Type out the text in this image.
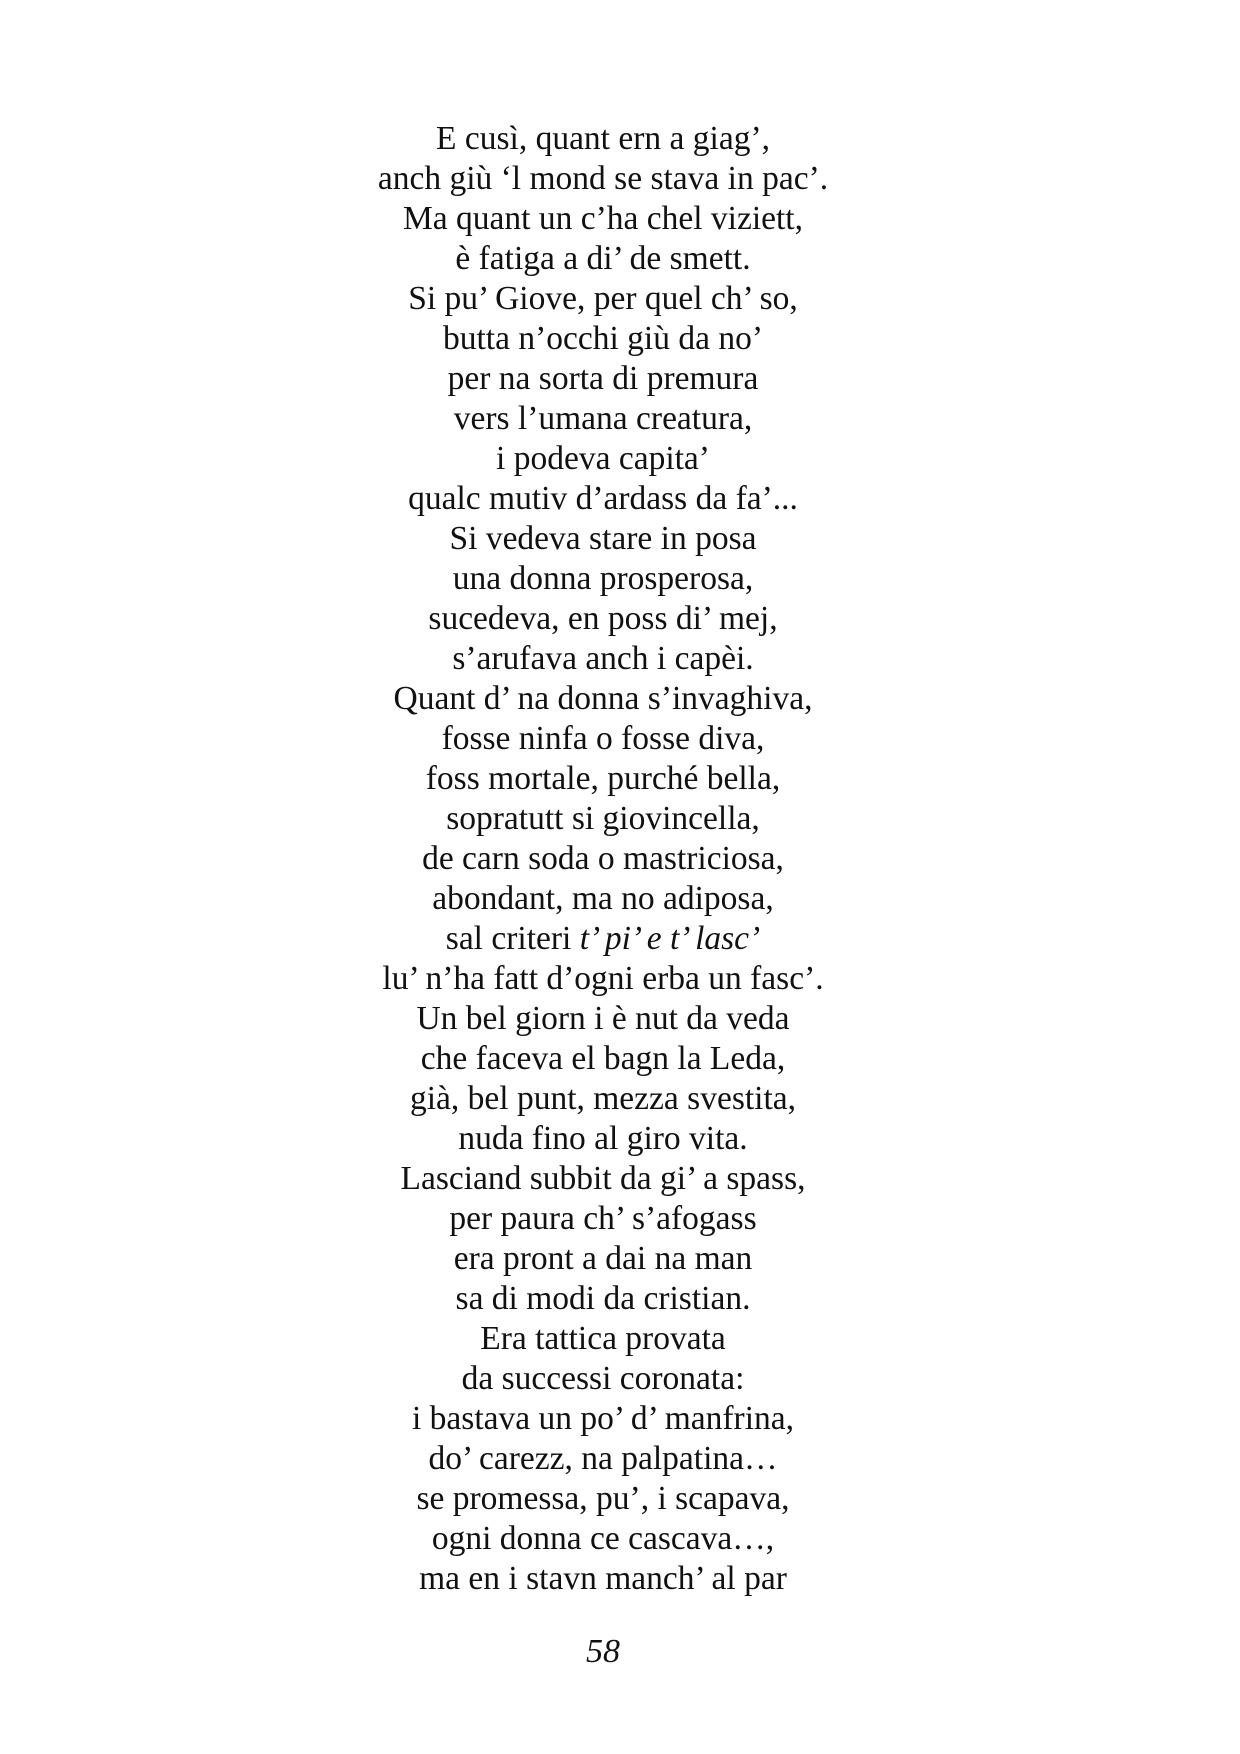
E cusì, quant ern a giag’,
anch giù ‘l mond se stava in pac’.
Ma quant un c’ha chel viziett,
è fatiga a di’ de smett.
Si pu’ Giove, per quel ch’ so,
butta n’occhi giù da no’
per na sorta di premura
vers l’umana creatura,
i podeva capita’
qualc mutiv d’ardass da fa’...
Si vedeva stare in posa
una donna prosperosa,
sucedeva, en poss di’ mej,
s’arufava anch i capèi.
Quant d’ na donna s’invaghiva,
fosse ninfa o fosse diva,
foss mortale, purché bella,
sopratutt si giovincella,
de carn soda o mastriciosa,
abondant, ma no adiposa,
sal criteri t’ pi’ e t’ lasc’
lu’ n’ha fatt d’ogni erba un fasc’.
Un bel giorn i è nut da veda
che faceva el bagn la Leda,
già, bel punt, mezza svestita,
nuda fino al giro vita.
Lasciand subbit da gi’ a spass,
per paura ch’ s’afogass
era pront a dai na man
sa di modi da cristian.
Era tattica provata
da successi coronata:
i bastava un po’ d’ manfrina,
do’ carezz, na palpatina…
se promessa, pu’, i scapava,
ogni donna ce cascava…,
ma en i stavn manch’ al par
58
